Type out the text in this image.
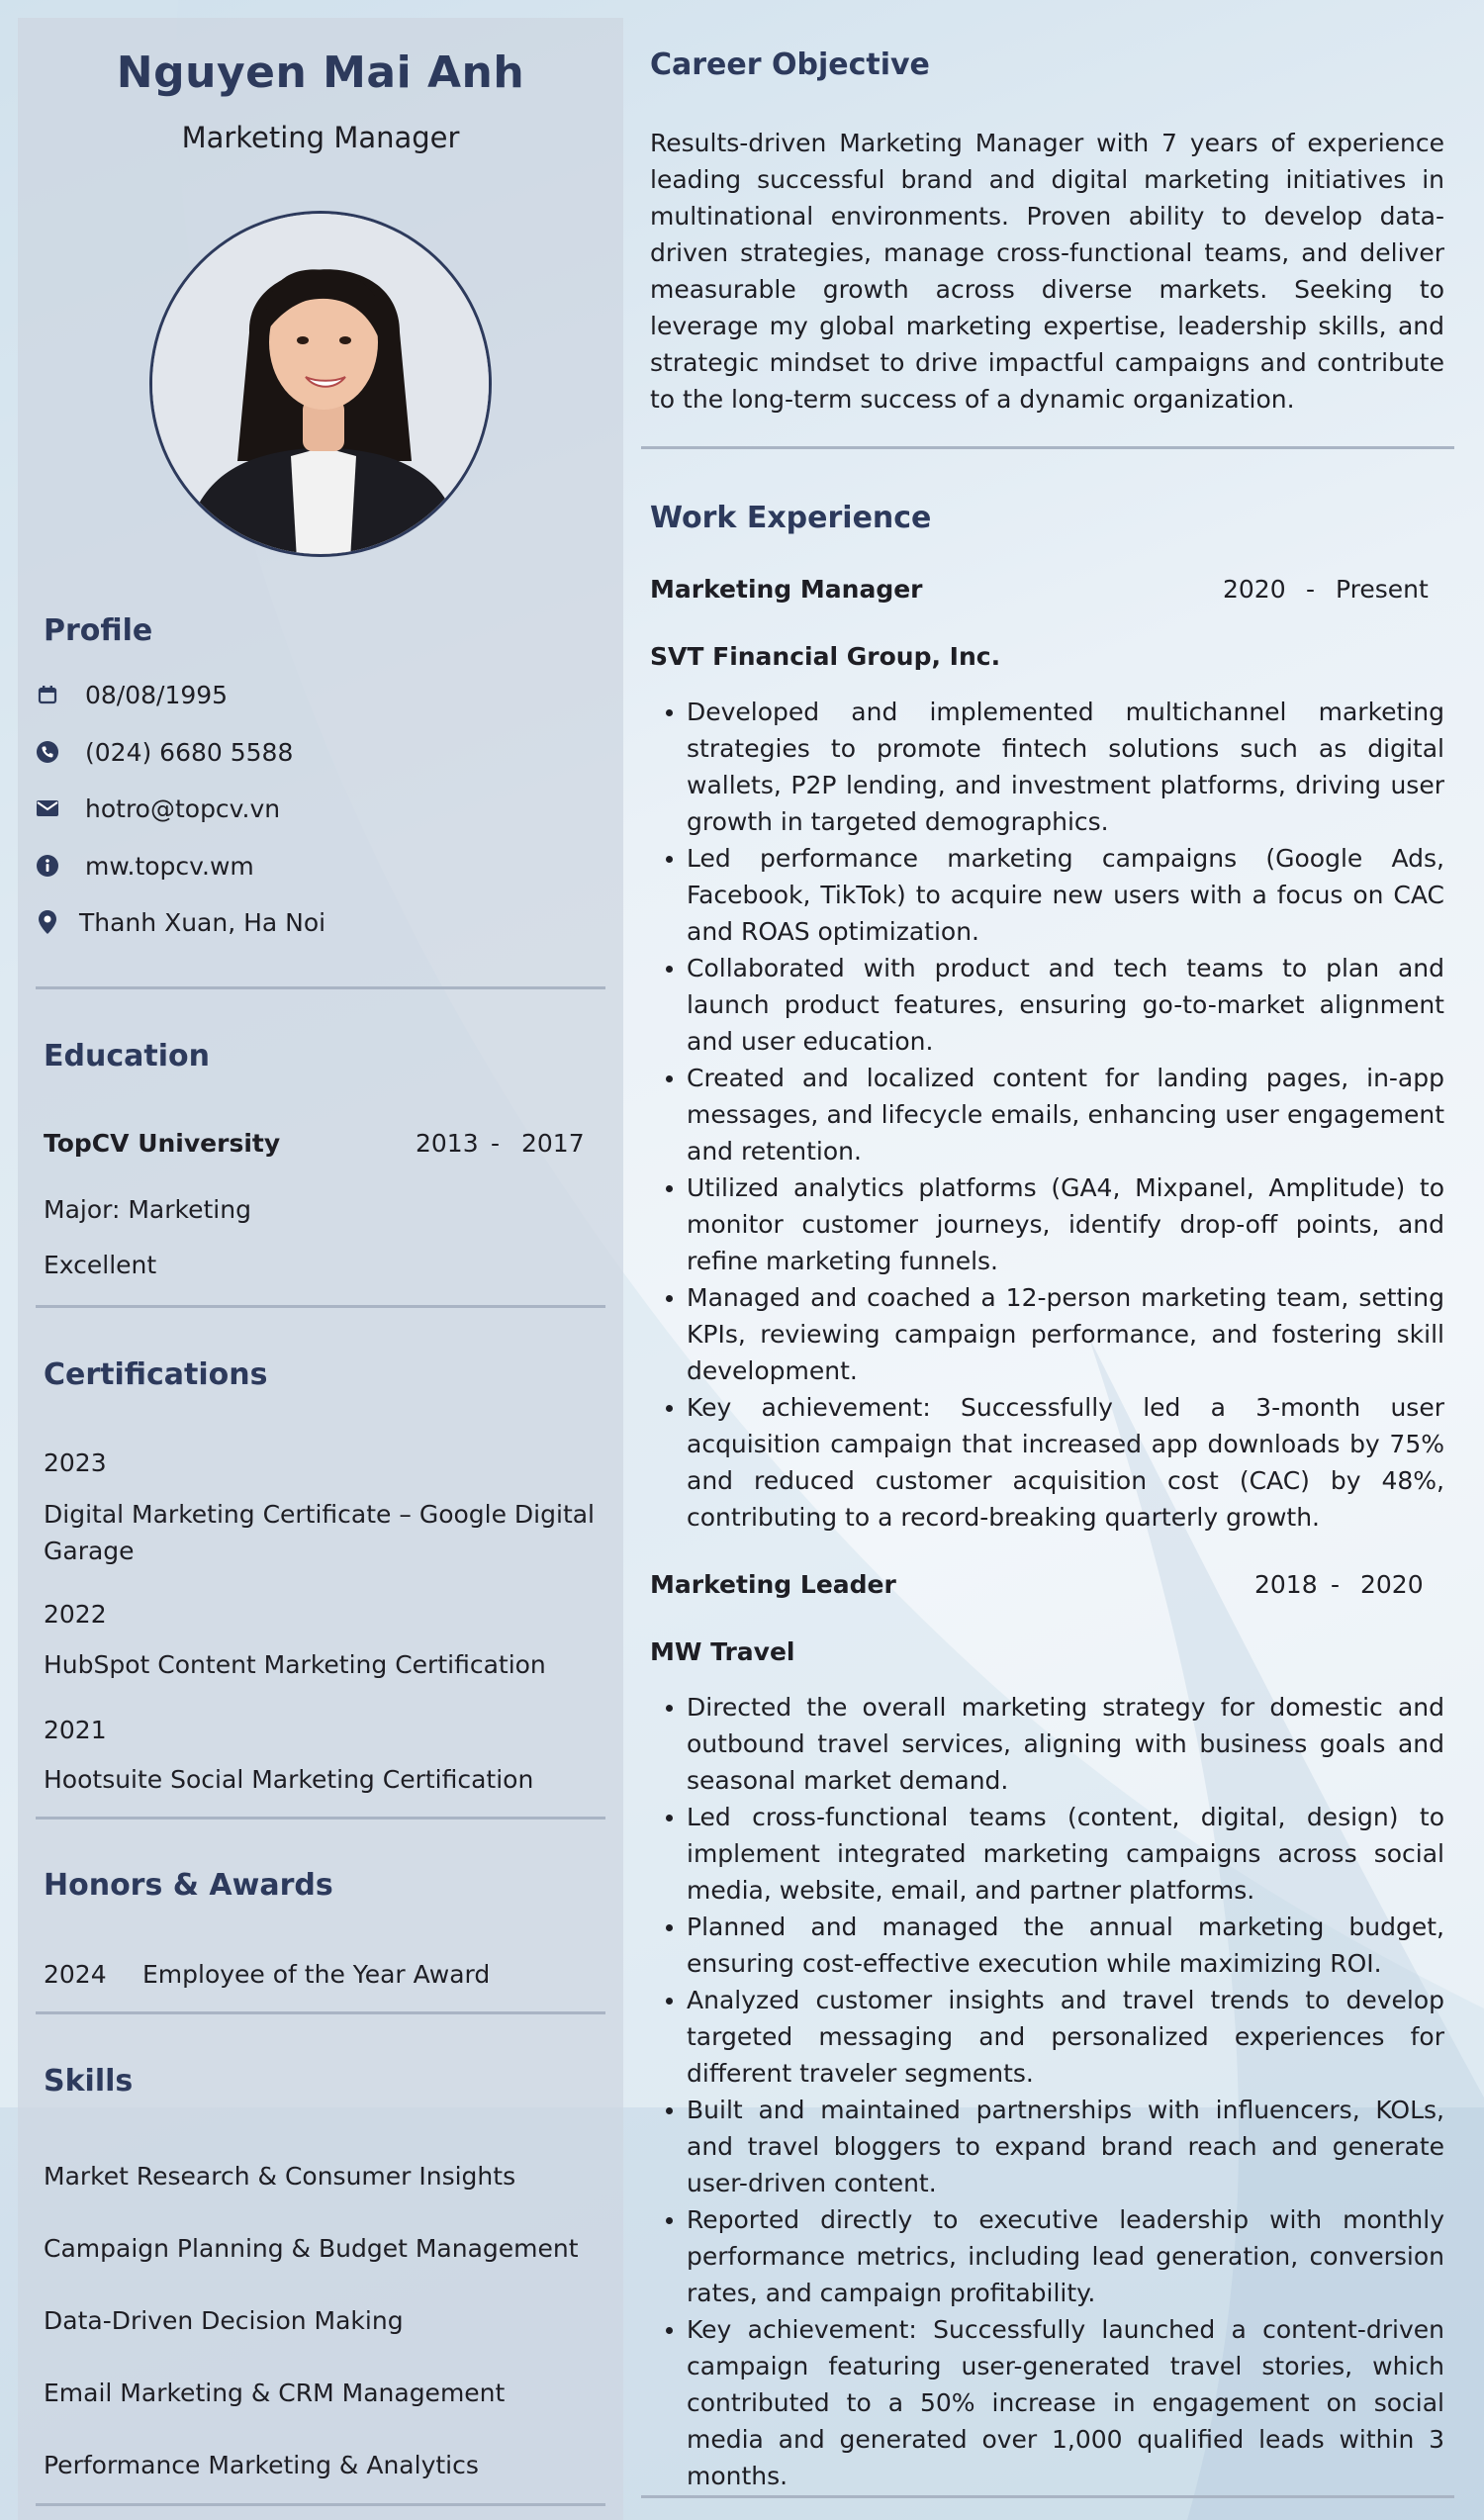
Nguyen Mai Anh
Marketing Manager
Profile
08/08/1995
(024) 6680 5588
hotro@topcv.vn
mw.topcv.wm
Thanh Xuan, Ha Noi
Education
TopCV University	2013 - 2017
Major: Marketing
Excellent
Certifications
2023
Digital Marketing Certificate – Google Digital Garage
2022
HubSpot Content Marketing Certification
2021
Hootsuite Social Marketing Certification
Honors & Awards
2024 Employee of the Year Award
Skills
Market Research & Consumer Insights
Campaign Planning & Budget Management
Data-Driven Decision Making
Email Marketing & CRM Management
Performance Marketing & Analytics
Career Objective
Results-driven Marketing Manager with 7 years of experience leading successful brand and digital marketing initiatives in multinational environments. Proven ability to develop data-driven strategies, manage cross-functional teams, and deliver measurable growth across diverse markets. Seeking to leverage my global marketing expertise, leadership skills, and strategic mindset to drive impactful campaigns and contribute to the long-term success of a dynamic organization.
Work Experience
Marketing Manager	2020 - Present
SVT Financial Group, Inc.
Developed and implemented multichannel marketing strategies to promote fintech solutions such as digital wallets, P2P lending, and investment platforms, driving user growth in targeted demographics.
Led performance marketing campaigns (Google Ads, Facebook, TikTok) to acquire new users with a focus on CAC and ROAS optimization.
Collaborated with product and tech teams to plan and launch product features, ensuring go-to-market alignment and user education.
Created and localized content for landing pages, in-app messages, and lifecycle emails, enhancing user engagement and retention.
Utilized analytics platforms (GA4, Mixpanel, Amplitude) to monitor customer journeys, identify drop-off points, and refine marketing funnels.
Managed and coached a 12-person marketing team, setting KPIs, reviewing campaign performance, and fostering skill development.
Key achievement: Successfully led a 3-month user acquisition campaign that increased app downloads by 75% and reduced customer acquisition cost (CAC) by 48%, contributing to a record-breaking quarterly growth.
Marketing Leader	2018 - 2020
MW Travel
Directed the overall marketing strategy for domestic and outbound travel services, aligning with business goals and seasonal market demand.
Led cross-functional teams (content, digital, design) to implement integrated marketing campaigns across social media, website, email, and partner platforms.
Planned and managed the annual marketing budget, ensuring cost-effective execution while maximizing ROI.
Analyzed customer insights and travel trends to develop targeted messaging and personalized experiences for different traveler segments.
Built and maintained partnerships with influencers, KOLs, and travel bloggers to expand brand reach and generate user-driven content.
Reported directly to executive leadership with monthly performance metrics, including lead generation, conversion rates, and campaign profitability.
Key achievement: Successfully launched a content-driven campaign featuring user-generated travel stories, which contributed to a 50% increase in engagement on social media and generated over 1,000 qualified leads within 3 months.
